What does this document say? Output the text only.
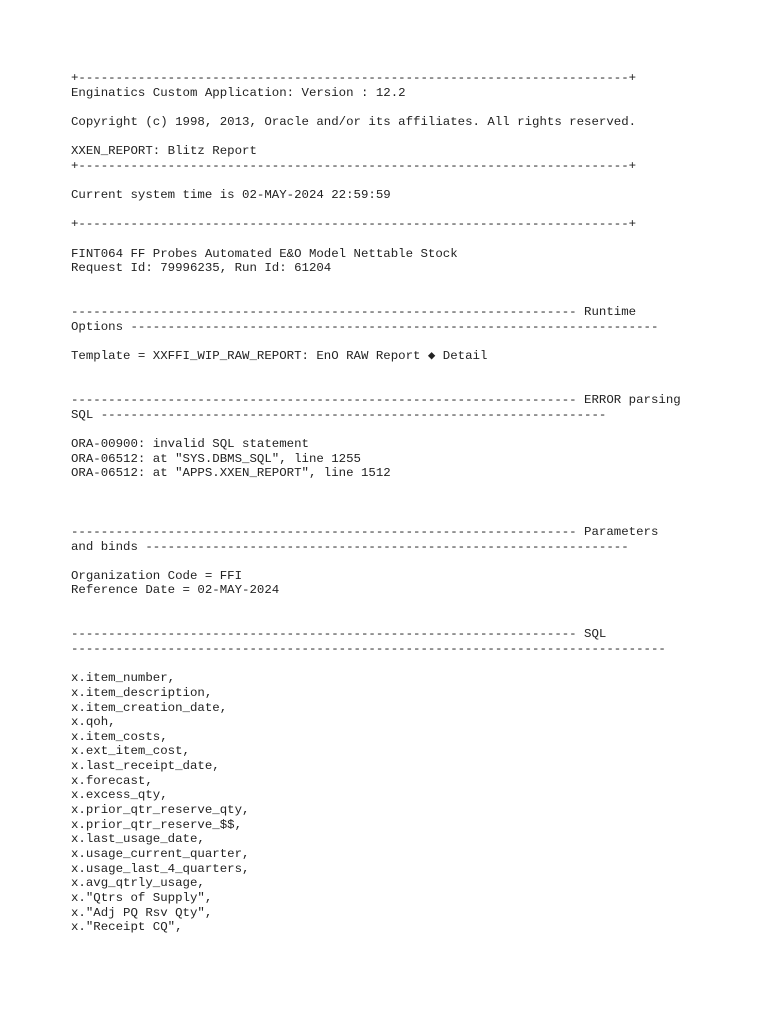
+--------------------------------------------------------------------------+
Enginatics Custom Application: Version : 12.2
Copyright (c) 1998, 2013, Oracle and/or its affiliates. All rights reserved.
XXEN_REPORT: Blitz Report
+--------------------------------------------------------------------------+
Current system time is 02-MAY-2024 22:59:59
+--------------------------------------------------------------------------+
FINT064 FF Probes Automated E&O Model Nettable Stock
Request Id: 79996235, Run Id: 61204
-------------------------------------------------------------------- Runtime
Options -----------------------------------------------------------------------
Template = XXFFI_WIP_RAW_REPORT: EnO RAW Report ◆ Detail
-------------------------------------------------------------------- ERROR parsing
SQL --------------------------------------------------------------------
ORA-00900: invalid SQL statement
ORA-06512: at "SYS.DBMS_SQL", line 1255
ORA-06512: at "APPS.XXEN_REPORT", line 1512
-------------------------------------------------------------------- Parameters
and binds -----------------------------------------------------------------
Organization Code = FFI
Reference Date = 02-MAY-2024
-------------------------------------------------------------------- SQL
--------------------------------------------------------------------------------
x.item_number,
x.item_description,
x.item_creation_date,
x.qoh,
x.item_costs,
x.ext_item_cost,
x.last_receipt_date,
x.forecast,
x.excess_qty,
x.prior_qtr_reserve_qty,
x.prior_qtr_reserve_$$,
x.last_usage_date,
x.usage_current_quarter,
x.usage_last_4_quarters,
x.avg_qtrly_usage,
x."Qtrs of Supply",
x."Adj PQ Rsv Qty",
x."Receipt CQ",
